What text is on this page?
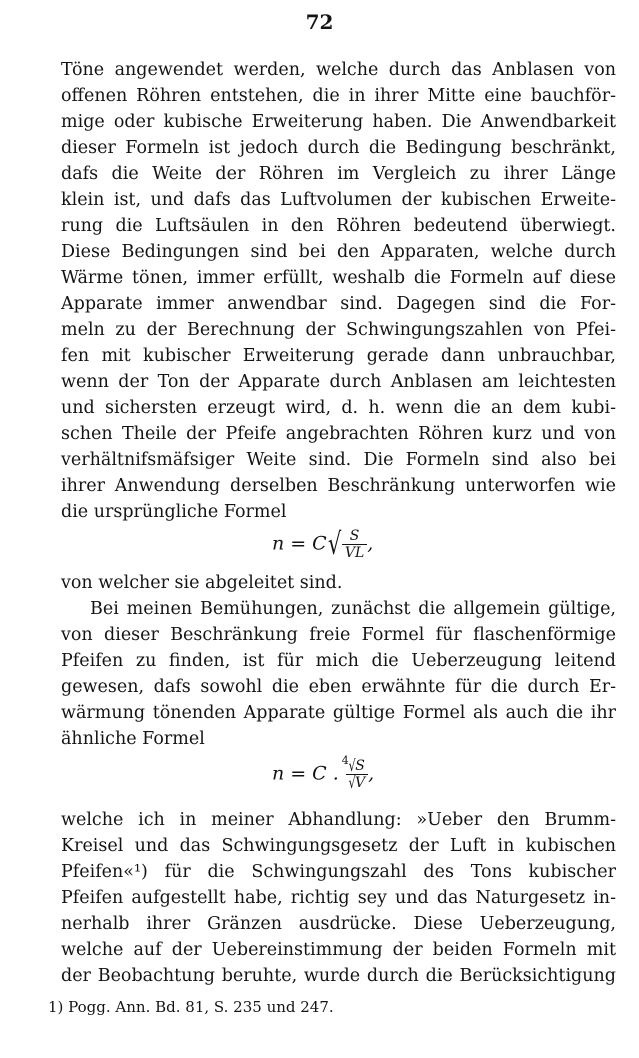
72
Töne angewendet werden, welche durch das Anblasen von
offenen Röhren entstehen, die in ihrer Mitte eine bauchför-
mige oder kubische Erweiterung haben. Die Anwendbarkeit
dieser Formeln ist jedoch durch die Bedingung beschränkt,
dafs die Weite der Röhren im Vergleich zu ihrer Länge
klein ist, und dafs das Luftvolumen der kubischen Erweite-
rung die Luftsäulen in den Röhren bedeutend überwiegt.
Diese Bedingungen sind bei den Apparaten, welche durch
Wärme tönen, immer erfüllt, weshalb die Formeln auf diese
Apparate immer anwendbar sind. Dagegen sind die For-
meln zu der Berechnung der Schwingungszahlen von Pfei-
fen mit kubischer Erweiterung gerade dann unbrauchbar,
wenn der Ton der Apparate durch Anblasen am leichtesten
und sichersten erzeugt wird, d. h. wenn die an dem kubi-
schen Theile der Pfeife angebrachten Röhren kurz und von
verhältnifsmäfsiger Weite sind. Die Formeln sind also bei
ihrer Anwendung derselben Beschränkung unterworfen wie
die ursprüngliche Formel
$n = C√ \frac{S}{VL}$ ,
von welcher sie abgeleitet sind.
Bei meinen Bemühungen, zunächst die allgemein gültige,
von dieser Beschränkung freie Formel für flaschenförmige
Pfeifen zu finden, ist für mich die Ueberzeugung leitend
gewesen, dafs sowohl die eben erwähnte für die durch Er-
wärmung tönenden Apparate gültige Formel als auch die ihr
ähnliche Formel
n = C .$^4$
$\frac{√S}{√V}$ ,
welche ich in meiner Abhandlung: »Ueber den Brumm-
Kreisel und das Schwingungsgesetz der Luft in kubischen
Pfeifen«¹) für die Schwingungszahl des Tons kubischer
Pfeifen aufgestellt habe, richtig sey und das Naturgesetz in-
nerhalb ihrer Gränzen ausdrücke. Diese Ueberzeugung,
welche auf der Uebereinstimmung der beiden Formeln mit
der Beobachtung beruhte, wurde durch die Berücksichtigung
1) Pogg. Ann. Bd. 81, S. 235 und 247.
